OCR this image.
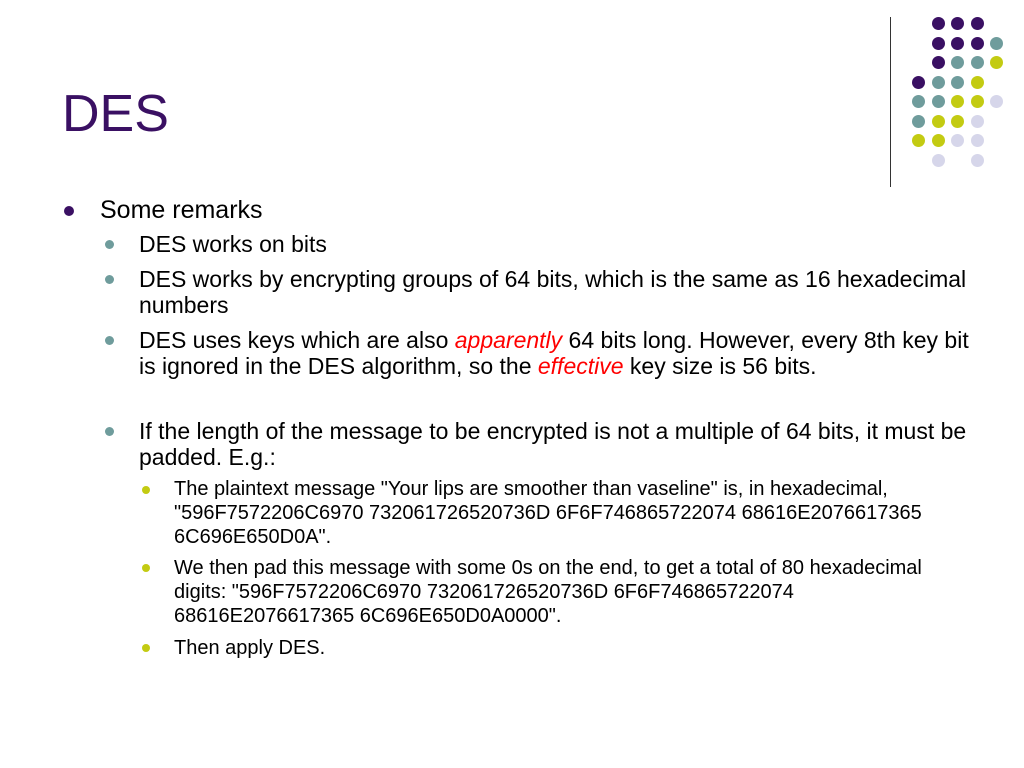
DES
Some remarks
DES works on bits
DES works by encrypting groups of 64 bits, which is the same as 16 hexadecimal numbers
DES uses keys which are also apparently 64 bits long. However, every 8th key bit is ignored in the DES algorithm, so the effective key size is 56 bits.
If the length of the message to be encrypted is not a multiple of 64 bits, it must be padded. E.g.:
The plaintext message "Your lips are smoother than vaseline" is, in hexadecimal, "596F7572206C6970 732061726520736D 6F6F746865722074 68616E2076617365 6C696E650D0A".
We then pad this message with some 0s on the end, to get a total of 80 hexadecimal digits: "596F7572206C6970 732061726520736D 6F6F746865722074 68616E2076617365 6C696E650D0A0000".
Then apply DES.
